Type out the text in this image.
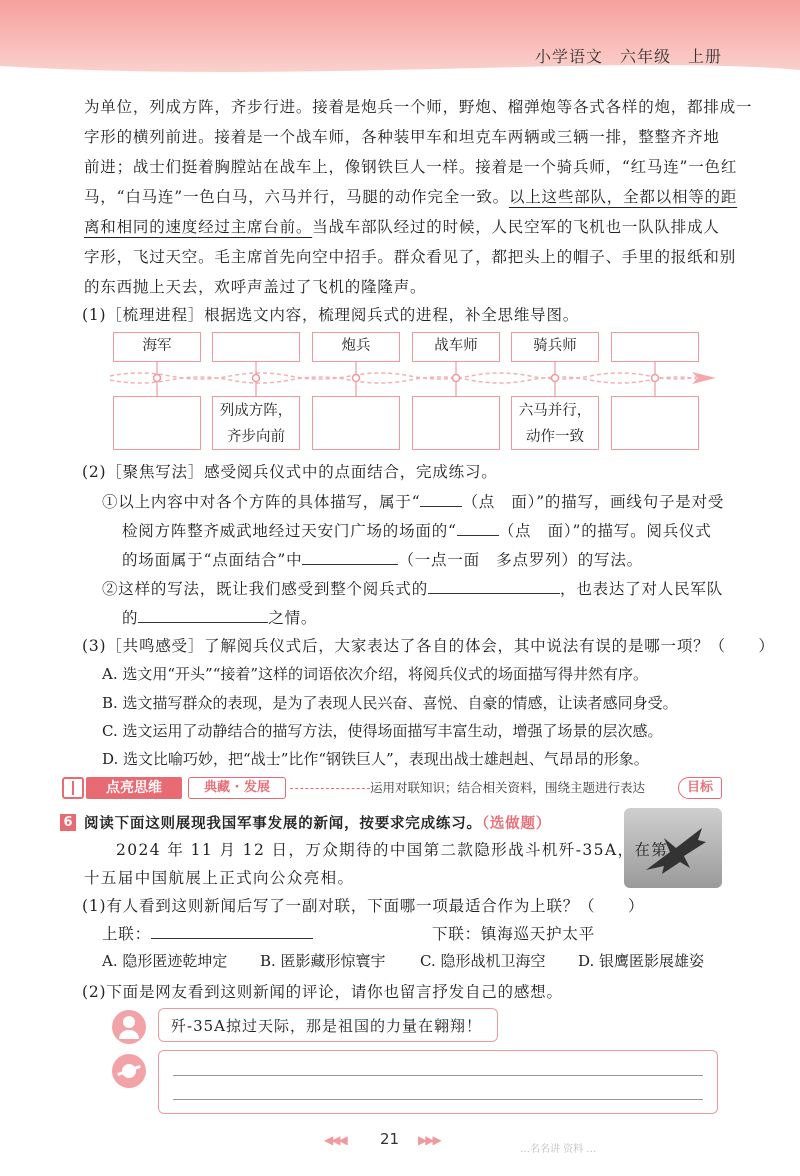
小学语文　六年级　上册
为单位，列成方阵，齐步行进。接着是炮兵一个师，野炮、榴弹炮等各式各样的炮，都排成一
字形的横列前进。接着是一个战车师，各种装甲车和坦克车两辆或三辆一排，整整齐齐地
前进；战士们挺着胸膛站在战车上，像钢铁巨人一样。接着是一个骑兵师，“红马连”一色红
马，“白马连”一色白马，六马并行，马腿的动作完全一致。以上这些部队，全都以相等的距
离和相同的速度经过主席台前。当战车部队经过的时候，人民空军的飞机也一队队排成人
字形，飞过天空。毛主席首先向空中招手。群众看见了，都把头上的帽子、手里的报纸和别
的东西抛上天去，欢呼声盖过了飞机的隆隆声。
(1)［梳理进程］根据选文内容，梳理阅兵式的进程，补全思维导图。
海军	炮兵	战车师	骑兵师
列成方阵，
齐步向前
六马并行，
动作一致
(2)［聚焦写法］感受阅兵仪式中的点面结合，完成练习。
①以上内容中对各个方阵的具体描写，属于“	（点　面）”的描写，画线句子是对受
检阅方阵整齐威武地经过天安门广场的场面的“	（点　面）”的描写。阅兵仪式
的场面属于“点面结合”中	（一点一面　多点罗列）的写法。
②这样的写法，既让我们感受到整个阅兵式的	，也表达了对人民军队
的	之情。
(3)［共鸣感受］了解阅兵仪式后，大家表达了各自的体会，其中说法有误的是哪一项？（　　）
A. 选文用“开头”“接着”这样的词语依次介绍，将阅兵仪式的场面描写得井然有序。
B. 选文描写群众的表现，是为了表现人民兴奋、喜悦、自豪的情感，让读者感同身受。
C. 选文运用了动静结合的描写方法，使得场面描写丰富生动，增强了场景的层次感。
D. 选文比喻巧妙，把“战士”比作“钢铁巨人”，表现出战士雄赳赳、气昂昂的形象。
点亮思维	典藏 · 发展	运用对联知识；结合相关资料，围绕主题进行表达	目标
6 阅读下面这则展现我国军事发展的新闻，按要求完成练习。（选做题）
2024 年 11 月 12 日，万众期待的中国第二款隐形战斗机歼-35A，在第
十五届中国航展上正式向公众亮相。
(1)有人看到这则新闻后写了一副对联，下面哪一项最适合作为上联？（　　）
上联：	下联：镇海巡天护太平
A. 隐形匿迹乾坤定 B. 匿影藏形惊寰宇 C. 隐形战机卫海空 D. 银鹰匿影展雄姿
(2)下面是网友看到这则新闻的评论，请你也留言抒发自己的感想。
歼-35A掠过天际，那是祖国的力量在翱翔！
◀◀◀ 21 ▶▶▶
…名名讲 资料 …
